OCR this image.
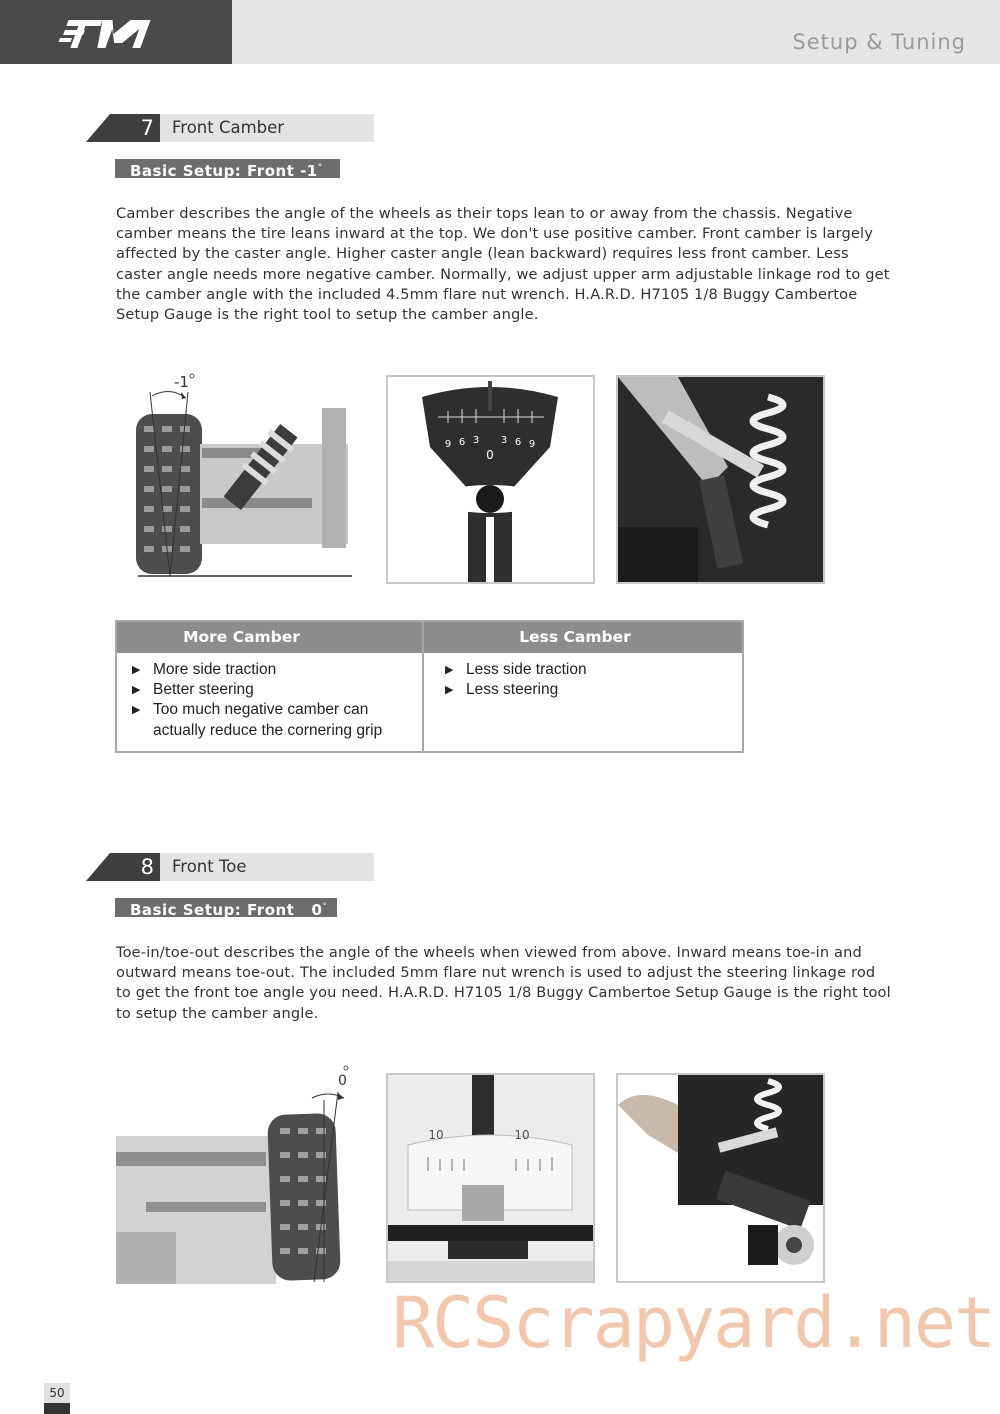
Setup & Tuning
7	Front Camber
Basic Setup: Front -1°
Camber describes the angle of the wheels as their tops lean to or away from the chassis. Negative camber means the tire leans inward at the top. We don't use positive camber. Front camber is largely affected by the caster angle. Higher caster angle (lean backward) requires less front camber. Less caster angle needs more negative camber. Normally, we adjust upper arm adjustable linkage rod to get the camber angle with the included 4.5mm flare nut wrench. H.A.R.D. H7105 1/8 Buggy Cambertoe Setup Gauge is the right tool to setup the camber angle.
-1
9 6 3 3 6 9
0
More Camber	Less Camber
▶ More side traction
▶ Better steering
▶ Too much negative camber can actually reduce the cornering grip
▶ Less side traction
▶ Less steering
8	Front Toe
Basic Setup: Front   0°
Toe-in/toe-out describes the angle of the wheels when viewed from above. Inward means toe-in and outward means toe-out. The included 5mm flare nut wrench is used to adjust the steering linkage rod to get the front toe angle you need. H.A.R.D. H7105 1/8 Buggy Cambertoe Setup Gauge is the right tool to setup the camber angle.
0
10	10
RCScrapyard.net
50
